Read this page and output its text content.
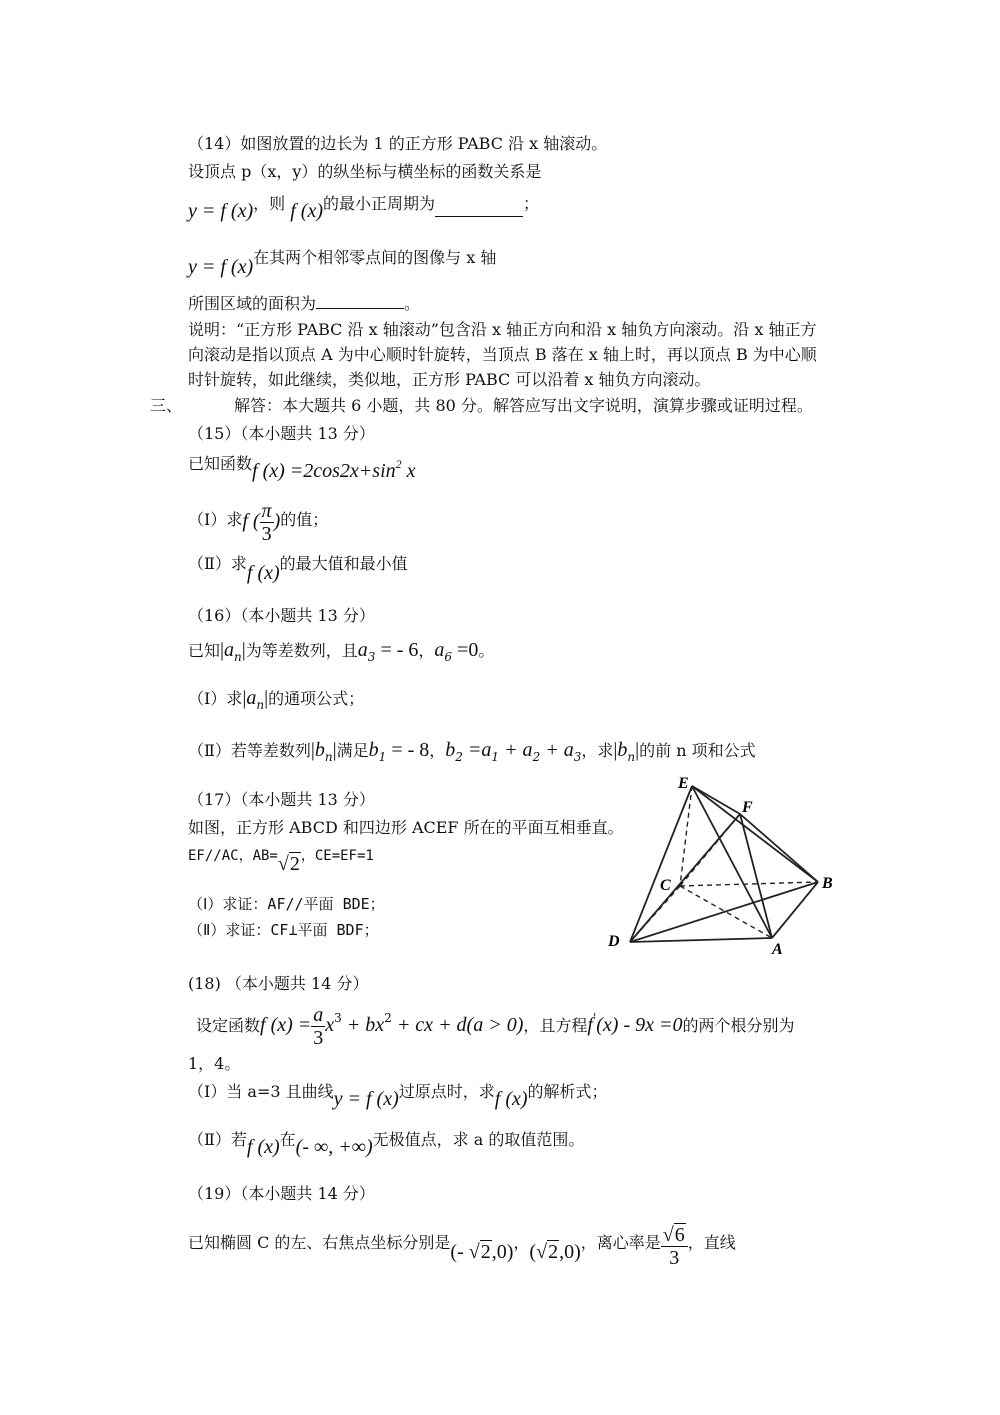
（14）如图放置的边长为 1 的正方形 PABC 沿 x 轴滚动。
设顶点 p（x，y）的纵坐标与横坐标的函数关系是
y = f (x)，则 f (x)的最小正周期为	；
y = f (x)在其两个相邻零点间的图像与 x 轴
所围区域的面积为	。
说明：“正方形 PABC 沿 x 轴滚动”包含沿 x 轴正方向和沿 x 轴负方向滚动。沿 x 轴正方
向滚动是指以顶点 A 为中心顺时针旋转，当顶点 B 落在 x 轴上时，再以顶点 B 为中心顺
时针旋转，如此继续，类似地，正方形 PABC 可以沿着 x 轴负方向滚动。
三、	解答：本大题共 6 小题，共 80 分。解答应写出文字说明，演算步骤或证明过程。
（15）（本小题共 13 分）
已知函数f $(x) =2\cos 2x+\sin^2$ x
（Ⅰ）求f ( $\frac{\pi}{3}$ )的值；
（Ⅱ）求f (x)的最大值和最小值
（16）（本小题共 13 分）
已知$|a_n|$为等差数列，且$a_3$ = - 6，$a_6 =0$。
（Ⅰ）求$|a_n|$的通项公式；
（Ⅱ）若等差数列$|b_n|$满足$b_1$ = - 8，$b_2 =a_1 + a_2 + a_3$，求$|b_n|$的前 n 项和公式
（17）（本小题共 13 分）
如图，正方形 ABCD 和四边形 ACEF 所在的平面互相垂直。
EF//AC，AB=√2，CE=EF=1
（Ⅰ）求证：AF//平面 BDE；
（Ⅱ）求证：CF⊥平面 BDF；
E
F
C	B
D	A
(18) （本小题共 14 分）
设定函数f $(x) = \frac{a}{3} x^3 + bx^2$ + cx + d(a > 0)，且方程f'(x) - 9x =0的两个根分别为
1，4。
（Ⅰ）当 a=3 且曲线y = f (x)过原点时，求f (x)的解析式；
（Ⅱ）若f (x)在(- ∞, +∞)无极值点，求 a 的取值范围。
（19）（本小题共 14 分）
已知椭圆 C 的左、右焦点坐标分别是(- √2,0)，(√2,0)，离心率是 $\frac{√6}{3}$ ，直线
